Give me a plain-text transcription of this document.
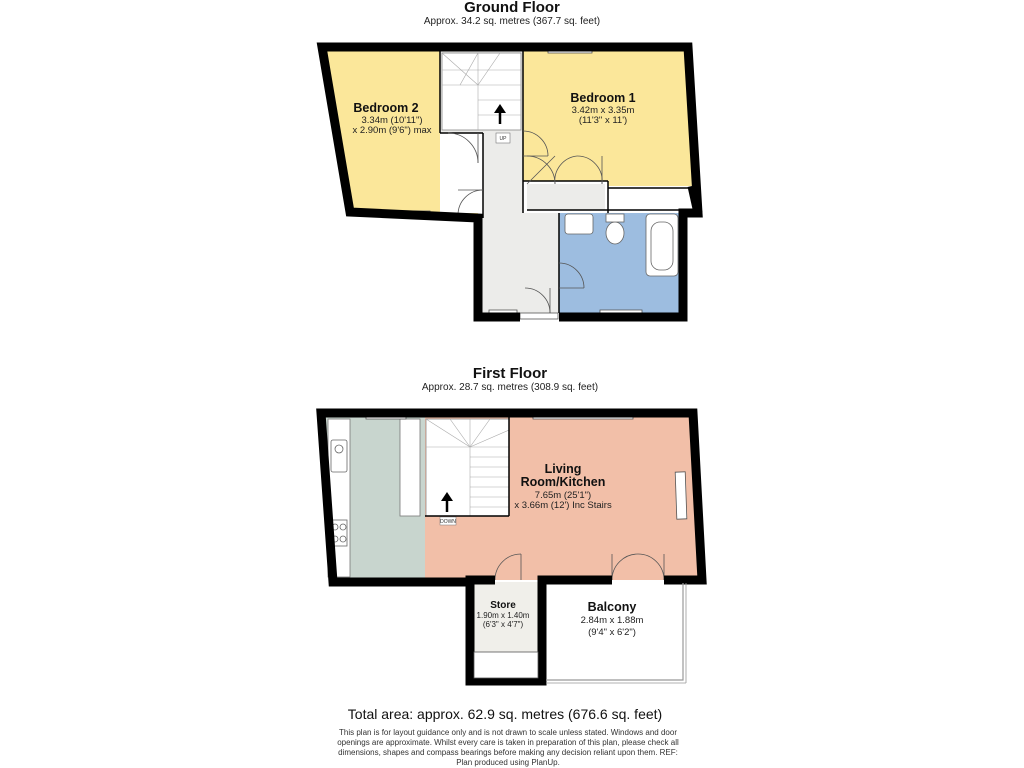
Ground Floor
Approx. 34.2 sq. metres (367.7 sq. feet)
UP
Bedroom 2
3.34m (10'11")
x 2.90m (9'6") max
Bedroom 1
3.42m x 3.35m
(11'3" x 11')
First Floor
Approx. 28.7 sq. metres (308.9 sq. feet)
DOWN
Living
Room/Kitchen
7.65m (25'1")
x 3.66m (12') Inc Stairs
Store
1.90m x 1.40m
(6'3" x 4'7")
Balcony
2.84m x 1.88m
(9'4" x 6'2")
Total area: approx. 62.9 sq. metres (676.6 sq. feet)
This plan is for layout guidance only and is not drawn to scale unless stated. Windows and door
openings are approximate. Whilst every care is taken in preparation of this plan, please check all
dimensions, shapes and compass bearings before making any decision reliant upon them. REF:
Plan produced using PlanUp.
